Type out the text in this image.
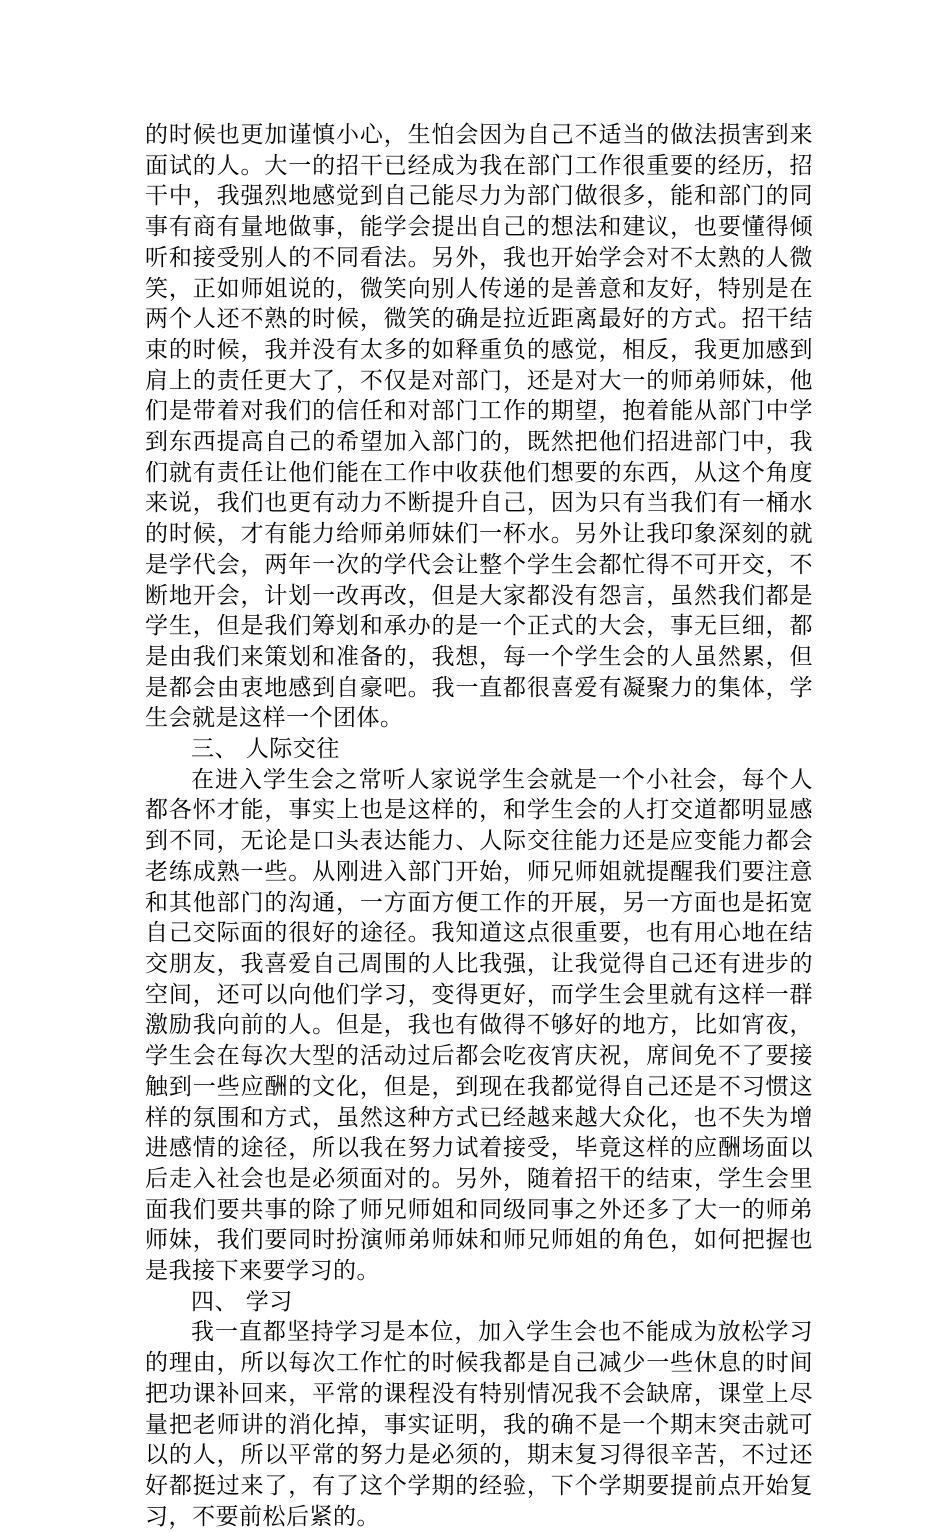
的时候也更加谨慎小心，生怕会因为自己不适当的做法损害到来面试的人。大一的招干已经成为我在部门工作很重要的经历，招干中，我强烈地感觉到自己能尽力为部门做很多，能和部门的同事有商有量地做事，能学会提出自己的想法和建议，也要懂得倾听和接受别人的不同看法。另外，我也开始学会对不太熟的人微笑，正如师姐说的，微笑向别人传递的是善意和友好，特别是在两个人还不熟的时候，微笑的确是拉近距离最好的方式。招干结束的时候，我并没有太多的如释重负的感觉，相反，我更加感到肩上的责任更大了，不仅是对部门，还是对大一的师弟师妹，他们是带着对我们的信任和对部门工作的期望，抱着能从部门中学到东西提高自己的希望加入部门的，既然把他们招进部门中，我们就有责任让他们能在工作中收获他们想要的东西，从这个角度来说，我们也更有动力不断提升自己，因为只有当我们有一桶水的时候，才有能力给师弟师妹们一杯水。另外让我印象深刻的就是学代会，两年一次的学代会让整个学生会都忙得不可开交，不断地开会，计划一改再改，但是大家都没有怨言，虽然我们都是学生，但是我们筹划和承办的是一个正式的大会，事无巨细，都是由我们来策划和准备的，我想，每一个学生会的人虽然累，但是都会由衷地感到自豪吧。我一直都很喜爱有凝聚力的集体，学生会就是这样一个团体。

三、 人际交往

在进入学生会之常听人家说学生会就是一个小社会，每个人都各怀才能，事实上也是这样的，和学生会的人打交道都明显感到不同，无论是口头表达能力、人际交往能力还是应变能力都会老练成熟一些。从刚进入部门开始，师兄师姐就提醒我们要注意和其他部门的沟通，一方面方便工作的开展，另一方面也是拓宽自己交际面的很好的途径。我知道这点很重要，也有用心地在结交朋友，我喜爱自己周围的人比我强，让我觉得自己还有进步的空间，还可以向他们学习，变得更好，而学生会里就有这样一群激励我向前的人。但是，我也有做得不够好的地方，比如宵夜，学生会在每次大型的活动过后都会吃夜宵庆祝，席间免不了要接触到一些应酬的文化，但是，到现在我都觉得自己还是不习惯这样的氛围和方式，虽然这种方式已经越来越大众化，也不失为增进感情的途径，所以我在努力试着接受，毕竟这样的应酬场面以后走入社会也是必须面对的。另外，随着招干的结束，学生会里面我们要共事的除了师兄师姐和同级同事之外还多了大一的师弟师妹，我们要同时扮演师弟师妹和师兄师姐的角色，如何把握也是我接下来要学习的。

四、 学习

我一直都坚持学习是本位，加入学生会也不能成为放松学习的理由，所以每次工作忙的时候我都是自己减少一些休息的时间把功课补回来，平常的课程没有特别情况我不会缺席，课堂上尽量把老师讲的消化掉，事实证明，我的确不是一个期末突击就可以的人，所以平常的努力是必须的，期末复习得很辛苦，不过还好都挺过来了，有了这个学期的经验，下个学期要提前点开始复习，不要前松后紧的。
